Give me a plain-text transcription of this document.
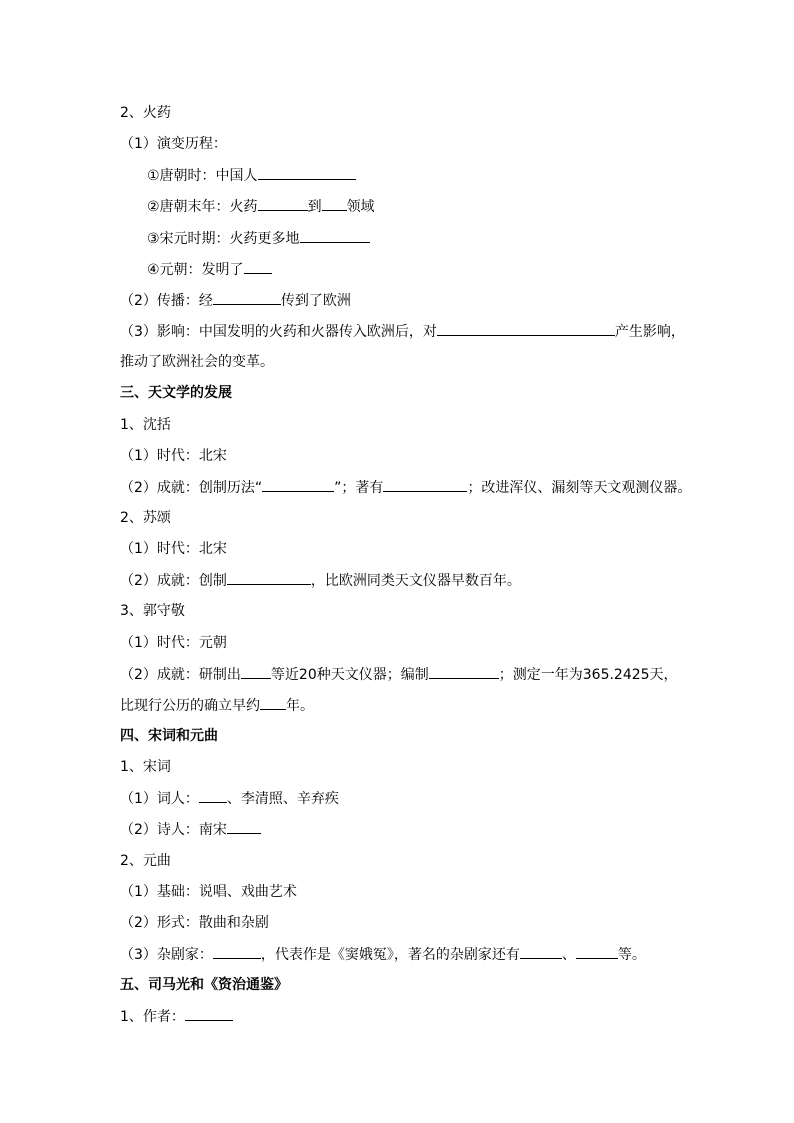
2、火药
（1）演变历程：
①唐朝时：中国人
②唐朝末年：火药	到 领域
③宋元时期：火药更多地
④元朝：发明了
（2）传播：经	传到了欧洲
（3）影响：中国发明的火药和火器传入欧洲后，对	产生影响，
推动了欧洲社会的变革。
三、天文学的发展
1、沈括
（1）时代：北宋
（2）成就：创制历法“	”；著有	；改进浑仪、漏刻等天文观测仪器。
2、苏颂
（1）时代：北宋
（2）成就：创制	，比欧洲同类天文仪器早数百年。
3、郭守敬
（1）时代：元朝
（2）成就：研制出 等近20种天文仪器；编制	；测定一年为365.2425天，
比现行公历的确立早约 年。
四、宋词和元曲
1、宋词
（1）词人： 、李清照、辛弃疾
（2）诗人：南宋
2、元曲
（1）基础：说唱、戏曲艺术
（2）形式：散曲和杂剧
（3）杂剧家：	，代表作是《窦娥冤》，著名的杂剧家还有	、	等。
五、司马光和《资治通鉴》
1、作者：
